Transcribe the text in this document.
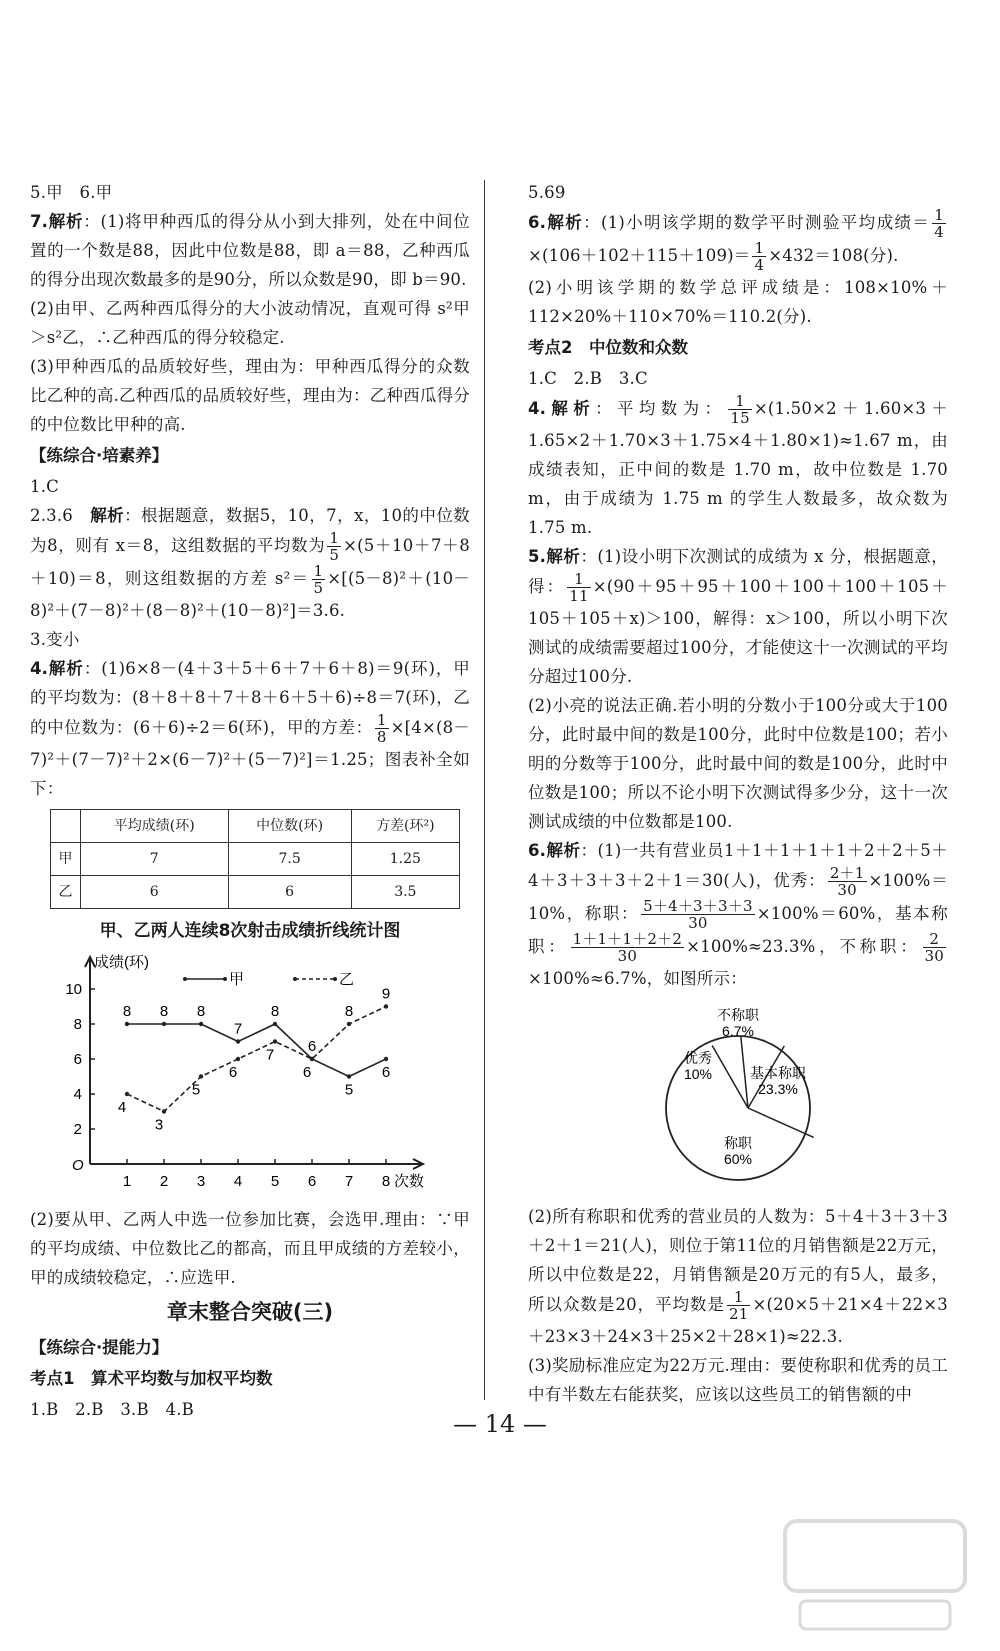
5.甲　6.甲

7.解析：(1)将甲种西瓜的得分从小到大排列，处在中间位置的一个数是88，因此中位数是88，即 a＝88，乙种西瓜的得分出现次数最多的是90分，所以众数是90，即 b＝90.

(2)由甲、乙两种西瓜得分的大小波动情况，直观可得 s²甲＞s²乙，∴乙种西瓜的得分较稳定.

(3)甲种西瓜的品质较好些，理由为：甲种西瓜得分的众数比乙种的高.乙种西瓜的品质较好些，理由为：乙种西瓜得分的中位数比甲种的高.

【练综合·培素养】

1.C

2.3.6　解析：根据题意，数据5，10，7，x，10的中位数为8，则有 x＝8，这组数据的平均数为 $\frac{1}{5} \times(5+10+7+8+10)=8$，则这组数据的方差 $s^2= \frac{1}{5} \times[(5-8)^2+(10-8)^2+(7-8)^2+(8-8)^2+(10-8)^2]=3.6$.

3.变小

4.解析：(1)6×8－(4＋3＋5＋6＋7＋6＋8)＝9(环)，甲的平均数为：(8＋8＋8＋7＋8＋6＋5＋6)÷8＝7(环)，乙的中位数为：(6＋6)÷2＝6(环)，甲的方差： $\frac{1}{8} \times[4\times(8-7)^2+(7-7)^2+2\times(6-7)^2+(5-7)^2]=1.25$；图表补全如下：

	平均成绩(环)	中位数(环)	方差(环²)
甲	7	7.5	1.25
乙	6	6	3.5
甲、乙两人连续8次射击成绩折线统计图
成绩(环)
次数
O
2
4
6
8
10
1 2 3 4 5 6 7 8
甲	乙
8 8 8
7
8
6
5
6
4
3
5
6
7
6
8
9

(2)要从甲、乙两人中选一位参加比赛，会选甲.理由：∵甲的平均成绩、中位数比乙的都高，而且甲成绩的方差较小，甲的成绩较稳定，∴应选甲.

章末整合突破(三)

【练综合·提能力】

考点1　算术平均数与加权平均数

1.B　2.B　3.B　4.B

5.69

6.解析：(1)小明该学期的数学平时测验平均成绩＝ $\frac{1}{4}$
$\times(106+102+115+109)= \frac{1}{4} \times 432=108$(分).

(2)小明该学期的数学总评成绩是：108×10%＋112×20%＋110×70%＝110.2(分).

考点2　中位数和众数

1.C　2.B　3.C

4.解析：平均数为： $\frac{1}{15} \times(1.50\times 2+1.60\times 3+1.65\times 2+1.70\times 3+1.75\times 4+1.80\times 1)\approx 1.67$ m，由成绩表知，正中间的数是 1.70 m，故中位数是 1.70 m，由于成绩为 1.75 m 的学生人数最多，故众数为 1.75 m.

5.解析：(1)设小明下次测试的成绩为 x 分，根据题意，得： $\frac{1}{11} \times(90+95+95+100+100+100+105+105+105+x)>100$，解得：x＞100，所以小明下次测试的成绩需要超过100分，才能使这十一次测试的平均分超过100分.

(2)小亮的说法正确.若小明的分数小于100分或大于100分，此时最中间的数是100分，此时中位数是100；若小明的分数等于100分，此时最中间的数是100分，此时中位数是100；所以不论小明下次测试得多少分，这十一次测试成绩的中位数都是100.

6.解析：(1)一共有营业员1＋1＋1＋1＋1＋2＋2＋5＋4＋3＋3＋3＋2＋1＝30(人)，优秀： $\frac{2+1}{30} \times 100\%=10\%$，称职： $\frac{5+4+3+3+3}{30} \times 100\%=60\%$，基本称职： $\frac{1+1+1+2+2}{30} \times 100\%\approx 23.3\%$，不称职： $\frac{2}{30}$
×100%≈6.7%，如图所示：

不称职
6.7%
优秀
10%	基本称职
23.3%
称职
60%

(2)所有称职和优秀的营业员的人数为：5＋4＋3＋3＋3＋2＋1＝21(人)，则位于第11位的月销售额是22万元，所以中位数是22，月销售额是20万元的有5人，最多，所以众数是20，平均数是 $\frac{1}{21} \times(20\times 5+21\times 4+22\times 3+23\times 3+24\times 3+25\times 2+28\times 1)\approx 22.3$.

(3)奖励标准应定为22万元.理由：要使称职和优秀的员工中有半数左右能获奖，应该以这些员工的销售额的中

— 14 —
